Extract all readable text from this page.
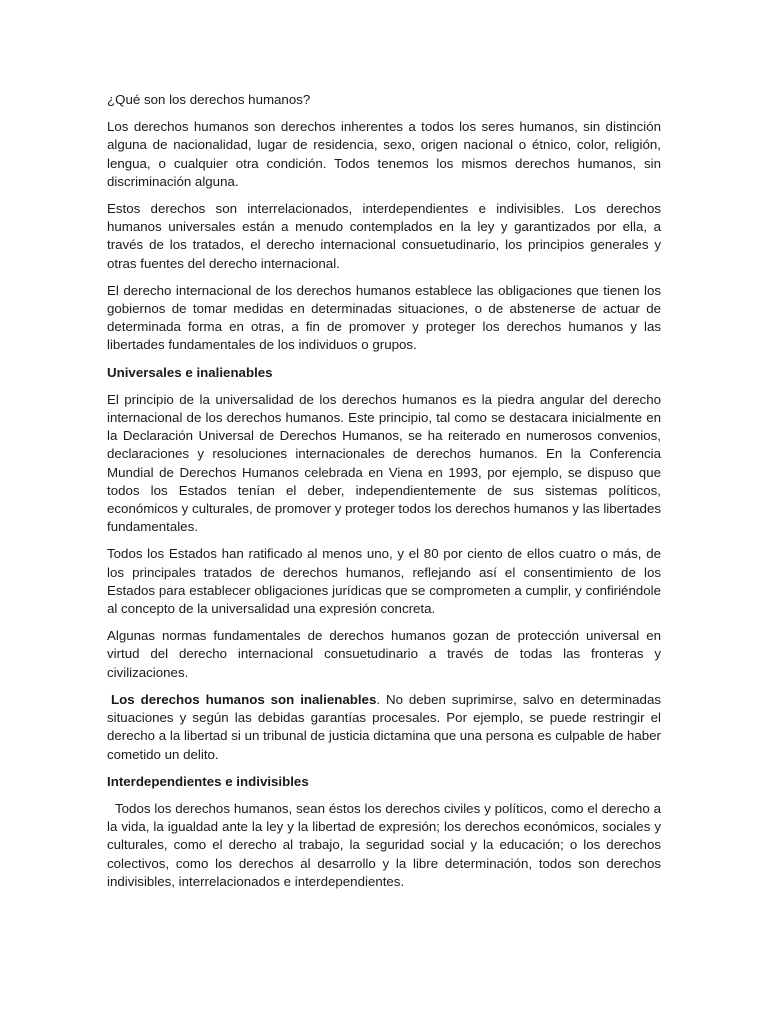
¿Qué son los derechos humanos?

Los derechos humanos son derechos inherentes a todos los seres humanos, sin distinción alguna de nacionalidad, lugar de residencia, sexo, origen nacional o étnico, color, religión, lengua, o cualquier otra condición. Todos tenemos los mismos derechos humanos, sin discriminación alguna.

Estos derechos son interrelacionados, interdependientes e indivisibles. Los derechos humanos universales están a menudo contemplados en la ley y garantizados por ella, a través de los tratados, el derecho internacional consuetudinario, los principios generales y otras fuentes del derecho internacional.

El derecho internacional de los derechos humanos establece las obligaciones que tienen los gobiernos de tomar medidas en determinadas situaciones, o de abstenerse de actuar de determinada forma en otras, a fin de promover y proteger los derechos humanos y las libertades fundamentales de los individuos o grupos.

Universales e inalienables

El principio de la universalidad de los derechos humanos es la piedra angular del derecho internacional de los derechos humanos. Este principio, tal como se destacara inicialmente en la Declaración Universal de Derechos Humanos, se ha reiterado en numerosos convenios, declaraciones y resoluciones internacionales de derechos humanos. En la Conferencia Mundial de Derechos Humanos celebrada en Viena en 1993, por ejemplo, se dispuso que todos los Estados tenían el deber, independientemente de sus sistemas políticos, económicos y culturales, de promover y proteger todos los derechos humanos y las libertades fundamentales.

Todos los Estados han ratificado al menos uno, y el 80 por ciento de ellos cuatro o más, de los principales tratados de derechos humanos, reflejando así el consentimiento de los Estados para establecer obligaciones jurídicas que se comprometen a cumplir, y confiriéndole al concepto de la universalidad una expresión concreta.

Algunas normas fundamentales de derechos humanos gozan de protección universal en virtud del derecho internacional consuetudinario a través de todas las fronteras y civilizaciones.

Los derechos humanos son inalienables. No deben suprimirse, salvo en determinadas situaciones y según las debidas garantías procesales. Por ejemplo, se puede restringir el derecho a la libertad si un tribunal de justicia dictamina que una persona es culpable de haber cometido un delito.

Interdependientes e indivisibles

Todos los derechos humanos, sean éstos los derechos civiles y políticos, como el derecho a la vida, la igualdad ante la ley y la libertad de expresión; los derechos económicos, sociales y culturales, como el derecho al trabajo, la seguridad social y la educación; o los derechos colectivos, como los derechos al desarrollo y la libre determinación, todos son derechos indivisibles, interrelacionados e interdependientes.
